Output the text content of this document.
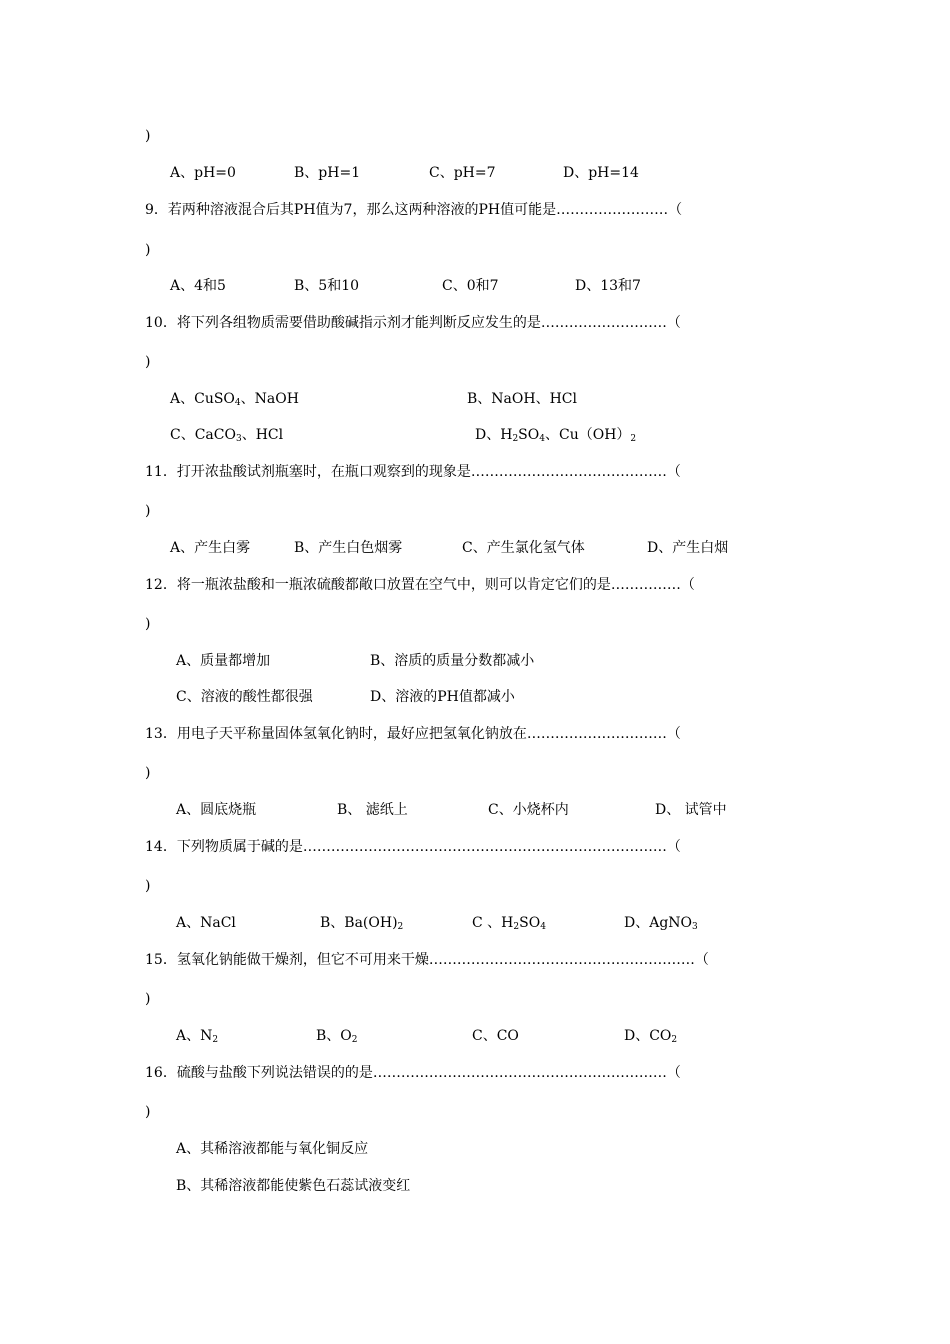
)
A、pH=0	B、pH=1	C、pH=7	D、pH=14
9．若两种溶液混合后其PH值为7，那么这两种溶液的PH值可能是……………………（
)
A、4和5	B、5和10	C、0和7	D、13和7
10．将下列各组物质需要借助酸碱指示剂才能判断反应发生的是………………………（
)
A、CuSO$_4$、NaOH	B、NaOH、HCl
C、CaCO$_3$、HCl	D、$H_2SO_4$、$Cu(OH)_2$
11．打开浓盐酸试剂瓶塞时，在瓶口观察到的现象是……………………………………（
)
A、产生白雾	B、产生白色烟雾	C、产生氯化氢气体	D、产生白烟
12．将一瓶浓盐酸和一瓶浓硫酸都敞口放置在空气中，则可以肯定它们的是……………（
)
A、质量都增加	B、溶质的质量分数都减小
C、溶液的酸性都很强	D、溶液的PH值都减小
13．用电子天平称量固体氢氧化钠时，最好应把氢氧化钠放在…………………………（
)
A、圆底烧瓶	B、 滤纸上	C、小烧杯内	D、 试管中
14．下列物质属于碱的是……………………………………………………………………（
)
A、NaCl	B、$Ba(OH)_2$	C 、$H_2SO_4$	D、AgNO$_3$
15．氢氧化钠能做干燥剂，但它不可用来干燥…………………………………………………（
)
A、$N_2$	B、$O_2$	C、CO	D、$CO_2$
16．硫酸与盐酸下列说法错误的的是………………………………………………………（
)
A、其稀溶液都能与氧化铜反应
B、其稀溶液都能使紫色石蕊试液变红
